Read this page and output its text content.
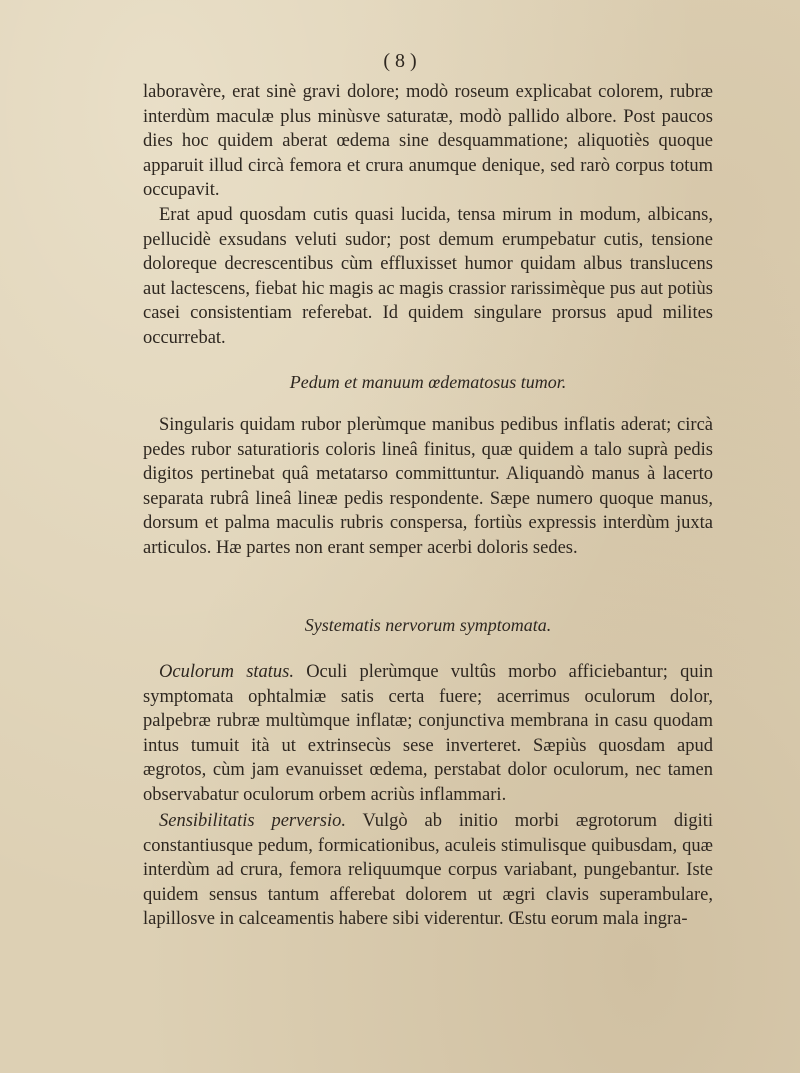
( 8 )

laboravère, erat sinè gravi dolore; modò roseum explicabat colorem, rubræ interdùm maculæ plus minùsve saturatæ, modò pallido albore. Post paucos dies hoc quidem aberat œdema sine desquammatione; aliquotiès quoque apparuit illud circà femora et crura anumque denique, sed rarò corpus totum occupavit.

Erat apud quosdam cutis quasi lucida, tensa mirum in modum, albicans, pellucidè exsudans veluti sudor; post demum erumpebatur cutis, tensione doloreque decrescentibus cùm effluxisset humor quidam albus translucens aut lactescens, fiebat hic magis ac magis crassior rarissimèque pus aut potiùs casei consistentiam referebat. Id quidem singulare prorsus apud milites occurrebat.

Pedum et manuum œdematosus tumor.

Singularis quidam rubor plerùmque manibus pedibus inflatis aderat; circà pedes rubor saturatioris coloris lineâ finitus, quæ quidem a talo suprà pedis digitos pertinebat quâ metatarso committuntur. Aliquandò manus à lacerto separata rubrâ lineâ lineæ pedis respondente. Sæpe numero quoque manus, dorsum et palma maculis rubris conspersa, fortiùs expressis interdùm juxta articulos. Hæ partes non erant semper acerbi doloris sedes.

Systematis nervorum symptomata.

Oculorum status. Oculi plerùmque vultûs morbo afficiebantur; quin symptomata ophtalmiæ satis certa fuere; acerrimus oculorum dolor, palpebræ rubræ multùmque inflatæ; conjunctiva membrana in casu quodam intus tumuit ità ut extrinsecùs sese inverteret. Sæpiùs quosdam apud ægrotos, cùm jam evanuisset œdema, perstabat dolor oculorum, nec tamen observabatur oculorum orbem acriùs inflammari.

Sensibilitatis perversio. Vulgò ab initio morbi ægrotorum digiti constantiusque pedum, formicationibus, aculeis stimulisque quibusdam, quæ interdùm ad crura, femora reliquumque corpus variabant, pungebantur. Iste quidem sensus tantum afferebat dolorem ut ægri clavis superambulare, lapillosve in calceamentis habere sibi viderentur. Œstu eorum mala ingra-
